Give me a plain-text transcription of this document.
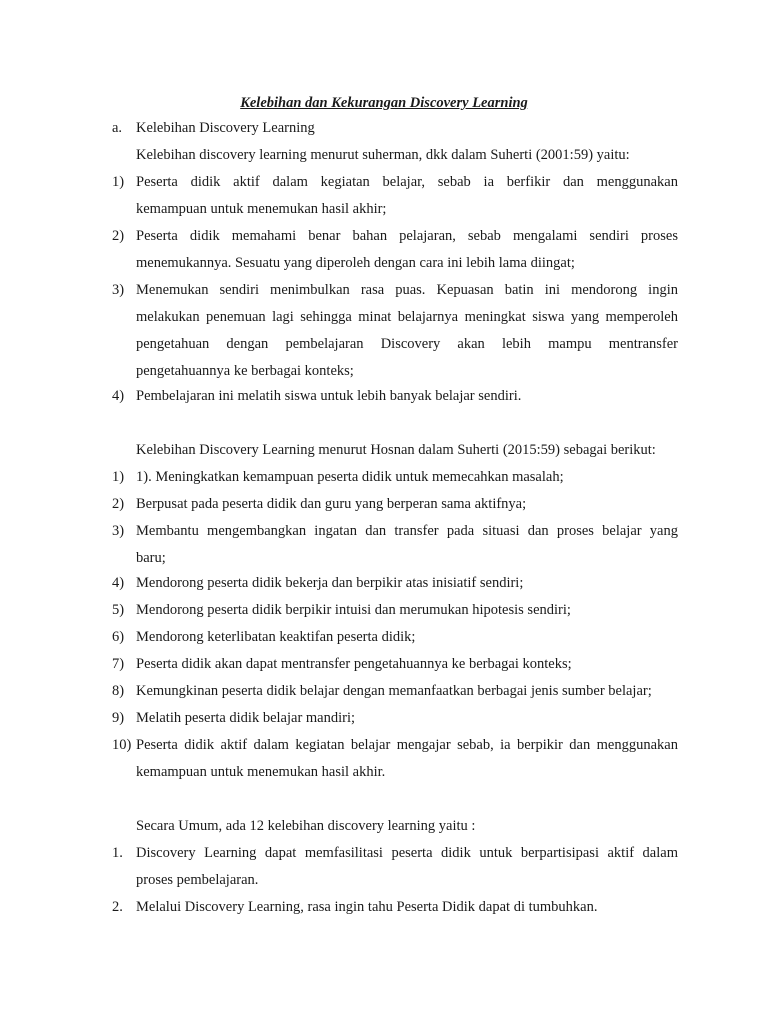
Kelebihan dan Kekurangan Discovery Learning
a. Kelebihan Discovery Learning
Kelebihan discovery learning menurut suherman, dkk dalam Suherti (2001:59) yaitu:
1) Peserta didik aktif dalam kegiatan belajar, sebab ia berfikir dan menggunakan
kemampuan untuk menemukan hasil akhir;
2) Peserta didik memahami benar bahan pelajaran, sebab mengalami sendiri proses
menemukannya. Sesuatu yang diperoleh dengan cara ini lebih lama diingat;
3) Menemukan sendiri menimbulkan rasa puas. Kepuasan batin ini mendorong ingin
melakukan penemuan lagi sehingga minat belajarnya meningkat siswa yang memperoleh
pengetahuan dengan pembelajaran Discovery akan lebih mampu mentransfer
pengetahuannya ke berbagai konteks;
4) Pembelajaran ini melatih siswa untuk lebih banyak belajar sendiri.
Kelebihan Discovery Learning menurut Hosnan dalam Suherti (2015:59) sebagai berikut:
1) 1). Meningkatkan kemampuan peserta didik untuk memecahkan masalah;
2) Berpusat pada peserta didik dan guru yang berperan sama aktifnya;
3) Membantu mengembangkan ingatan dan transfer pada situasi dan proses belajar yang
baru;
4) Mendorong peserta didik bekerja dan berpikir atas inisiatif sendiri;
5) Mendorong peserta didik berpikir intuisi dan merumukan hipotesis sendiri;
6) Mendorong keterlibatan keaktifan peserta didik;
7) Peserta didik akan dapat mentransfer pengetahuannya ke berbagai konteks;
8) Kemungkinan peserta didik belajar dengan memanfaatkan berbagai jenis sumber belajar;
9) Melatih peserta didik belajar mandiri;
10) Peserta didik aktif dalam kegiatan belajar mengajar sebab, ia berpikir dan menggunakan
kemampuan untuk menemukan hasil akhir.
Secara Umum, ada 12 kelebihan discovery learning yaitu :
1. Discovery Learning dapat memfasilitasi peserta didik untuk berpartisipasi aktif dalam
proses pembelajaran.
2. Melalui Discovery Learning, rasa ingin tahu Peserta Didik dapat di tumbuhkan.
